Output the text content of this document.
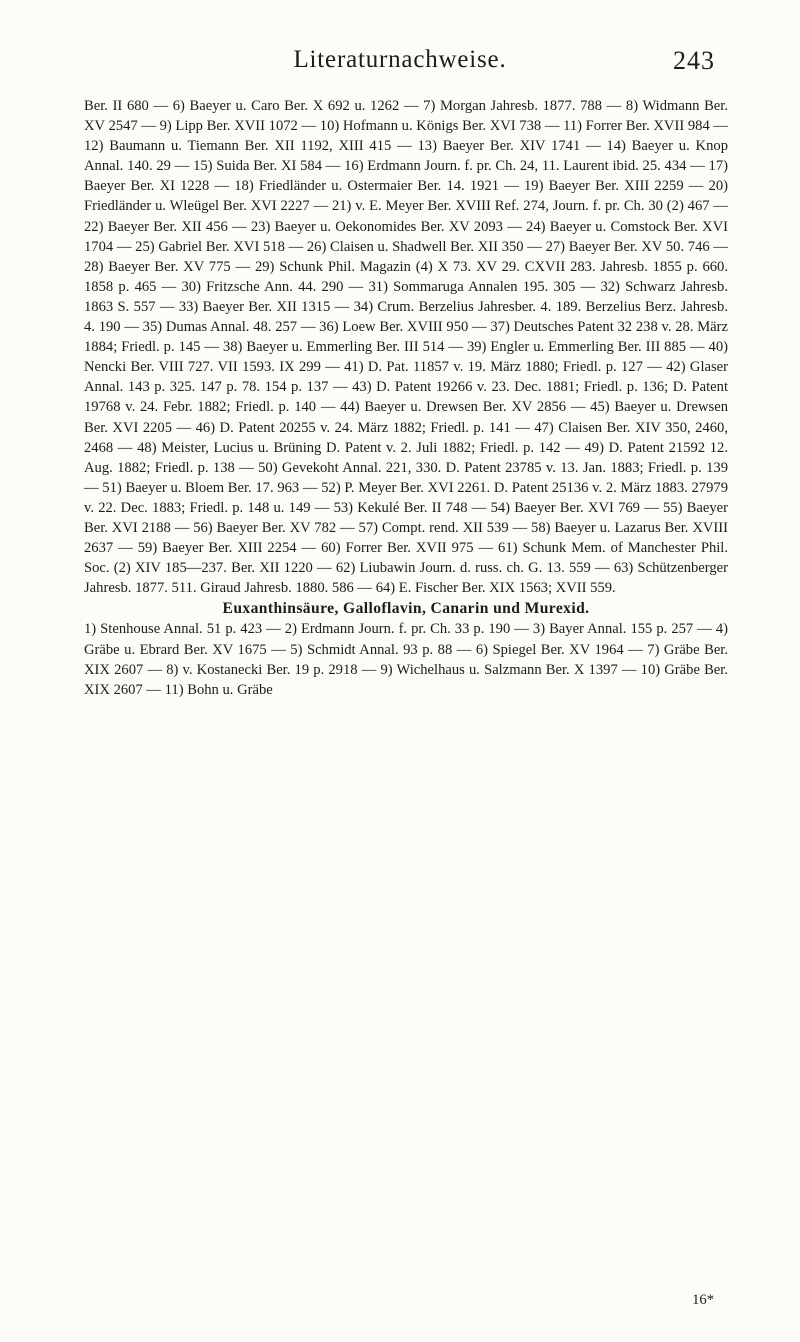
Literaturnachweise.	243

Ber. II 680 — 6) Baeyer u. Caro Ber. X 692 u. 1262 — 7) Morgan Jahresb. 1877. 788 — 8) Widmann Ber. XV 2547 — 9) Lipp Ber. XVII 1072 — 10) Hofmann u. Königs Ber. XVI 738 — 11) Forrer Ber. XVII 984 — 12) Baumann u. Tiemann Ber. XII 1192, XIII 415 — 13) Baeyer Ber. XIV 1741 — 14) Baeyer u. Knop Annal. 140. 29 — 15) Suida Ber. XI 584 — 16) Erdmann Journ. f. pr. Ch. 24, 11. Laurent ibid. 25. 434 — 17) Baeyer Ber. XI 1228 — 18) Friedländer u. Ostermaier Ber. 14. 1921 — 19) Baeyer Ber. XIII 2259 — 20) Friedländer u. Wleügel Ber. XVI 2227 — 21) v. E. Meyer Ber. XVIII Ref. 274, Journ. f. pr. Ch. 30 (2) 467 — 22) Baeyer Ber. XII 456 — 23) Baeyer u. Oekonomides Ber. XV 2093 — 24) Baeyer u. Comstock Ber. XVI 1704 — 25) Gabriel Ber. XVI 518 — 26) Claisen u. Shadwell Ber. XII 350 — 27) Baeyer Ber. XV 50. 746 — 28) Baeyer Ber. XV 775 — 29) Schunk Phil. Magazin (4) X 73. XV 29. CXVII 283. Jahresb. 1855 p. 660. 1858 p. 465 — 30) Fritzsche Ann. 44. 290 — 31) Sommaruga Annalen 195. 305 — 32) Schwarz Jahresb. 1863 S. 557 — 33) Baeyer Ber. XII 1315 — 34) Crum. Berzelius Jahresber. 4. 189. Berzelius Berz. Jahresb. 4. 190 — 35) Dumas Annal. 48. 257 — 36) Loew Ber. XVIII 950 — 37) Deutsches Patent 32 238 v. 28. März 1884; Friedl. p. 145 — 38) Baeyer u. Emmerling Ber. III 514 — 39) Engler u. Emmerling Ber. III 885 — 40) Nencki Ber. VIII 727. VII 1593. IX 299 — 41) D. Pat. 11857 v. 19. März 1880; Friedl. p. 127 — 42) Glaser Annal. 143 p. 325. 147 p. 78. 154 p. 137 — 43) D. Patent 19266 v. 23. Dec. 1881; Friedl. p. 136; D. Patent 19768 v. 24. Febr. 1882; Friedl. p. 140 — 44) Baeyer u. Drewsen Ber. XV 2856 — 45) Baeyer u. Drewsen Ber. XVI 2205 — 46) D. Patent 20255 v. 24. März 1882; Friedl. p. 141 — 47) Claisen Ber. XIV 350, 2460, 2468 — 48) Meister, Lucius u. Brüning D. Patent v. 2. Juli 1882; Friedl. p. 142 — 49) D. Patent 21592 12. Aug. 1882; Friedl. p. 138 — 50) Gevekoht Annal. 221, 330. D. Patent 23785 v. 13. Jan. 1883; Friedl. p. 139 — 51) Baeyer u. Bloem Ber. 17. 963 — 52) P. Meyer Ber. XVI 2261. D. Patent 25136 v. 2. März 1883. 27979 v. 22. Dec. 1883; Friedl. p. 148 u. 149 — 53) Kekulé Ber. II 748 — 54) Baeyer Ber. XVI 769 — 55) Baeyer Ber. XVI 2188 — 56) Baeyer Ber. XV 782 — 57) Compt. rend. XII 539 — 58) Baeyer u. Lazarus Ber. XVIII 2637 — 59) Baeyer Ber. XIII 2254 — 60) Forrer Ber. XVII 975 — 61) Schunk Mem. of Manchester Phil. Soc. (2) XIV 185—237. Ber. XII 1220 — 62) Liubawin Journ. d. russ. ch. G. 13. 559 — 63) Schützenberger Jahresb. 1877. 511. Giraud Jahresb. 1880. 586 — 64) E. Fischer Ber. XIX 1563; XVII 559.

Euxanthinsäure, Galloflavin, Canarin und Murexid.

1) Stenhouse Annal. 51 p. 423 — 2) Erdmann Journ. f. pr. Ch. 33 p. 190 — 3) Bayer Annal. 155 p. 257 — 4) Gräbe u. Ebrard Ber. XV 1675 — 5) Schmidt Annal. 93 p. 88 — 6) Spiegel Ber. XV 1964 — 7) Gräbe Ber. XIX 2607 — 8) v. Kostanecki Ber. 19 p. 2918 — 9) Wichelhaus u. Salzmann Ber. X 1397 — 10) Gräbe Ber. XIX 2607 — 11) Bohn u. Gräbe

16*
